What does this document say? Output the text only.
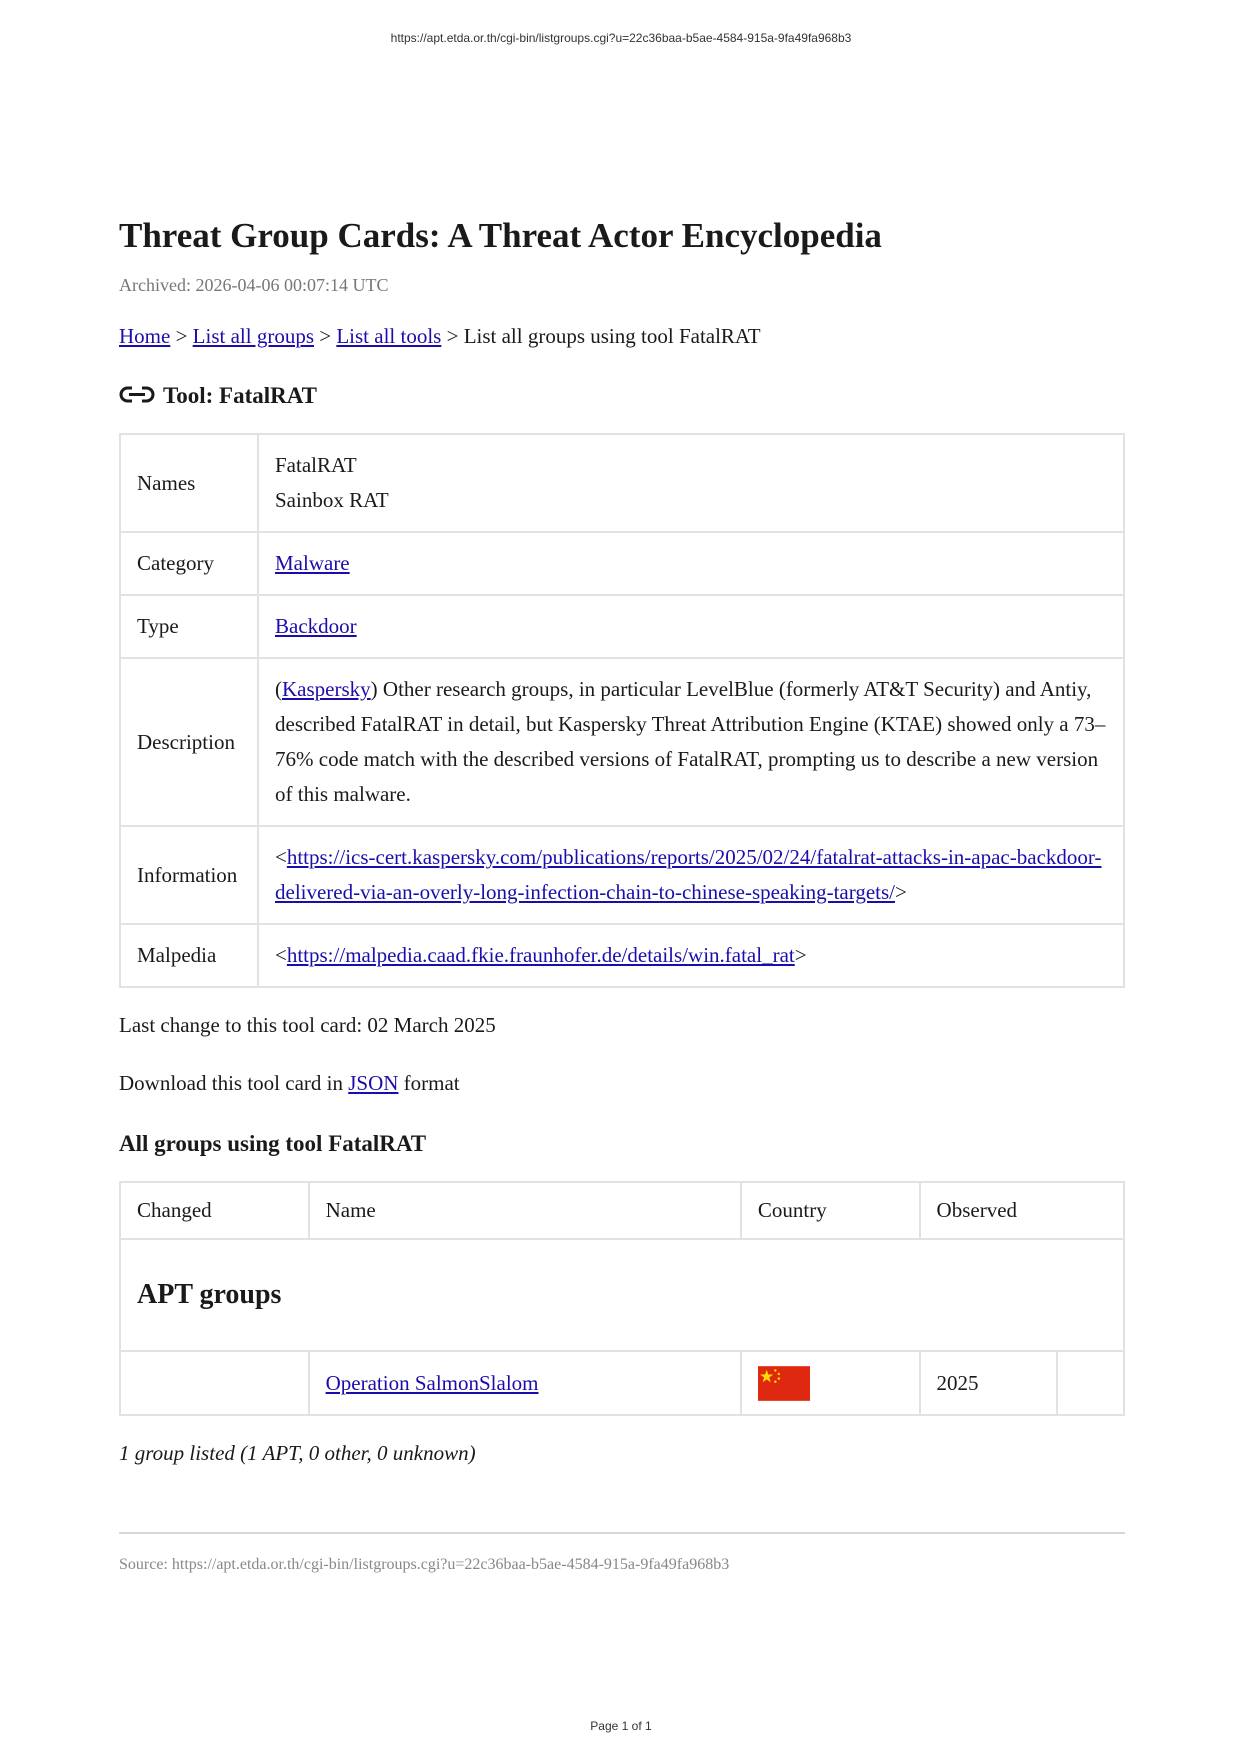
https://apt.etda.or.th/cgi-bin/listgroups.cgi?u=22c36baa-b5ae-4584-915a-9fa49fa968b3
Threat Group Cards: A Threat Actor Encyclopedia
Archived: 2026-04-06 00:07:14 UTC
Home > List all groups > List all tools > List all groups using tool FatalRAT
Tool: FatalRAT
Names	FatalRAT
Sainbox RAT

Category	Malware
Type	Backdoor
Description	(Kaspersky) Other research groups, in particular LevelBlue (formerly AT&T Security) and Antiy, described FatalRAT in detail, but Kaspersky Threat Attribution Engine (KTAE) showed only a 73–76% code match with the described versions of FatalRAT, prompting us to describe a new version of this malware.
Information	<https://ics-cert.kaspersky.com/publications/reports/2025/02/24/fatalrat-attacks-in-apac-backdoor-delivered-via-an-overly-long-infection-chain-to-chinese-speaking-targets/>
Malpedia	<https://malpedia.caad.fkie.fraunhofer.de/details/win.fatal_rat>
Last change to this tool card: 02 March 2025
Download this tool card in JSON format
All groups using tool FatalRAT
Changed	Name	Country	Observed	
APT groups				
	Operation SalmonSlalom		2025	
1 group listed (1 APT, 0 other, 0 unknown)
Source: https://apt.etda.or.th/cgi-bin/listgroups.cgi?u=22c36baa-b5ae-4584-915a-9fa49fa968b3
Page 1 of 1
